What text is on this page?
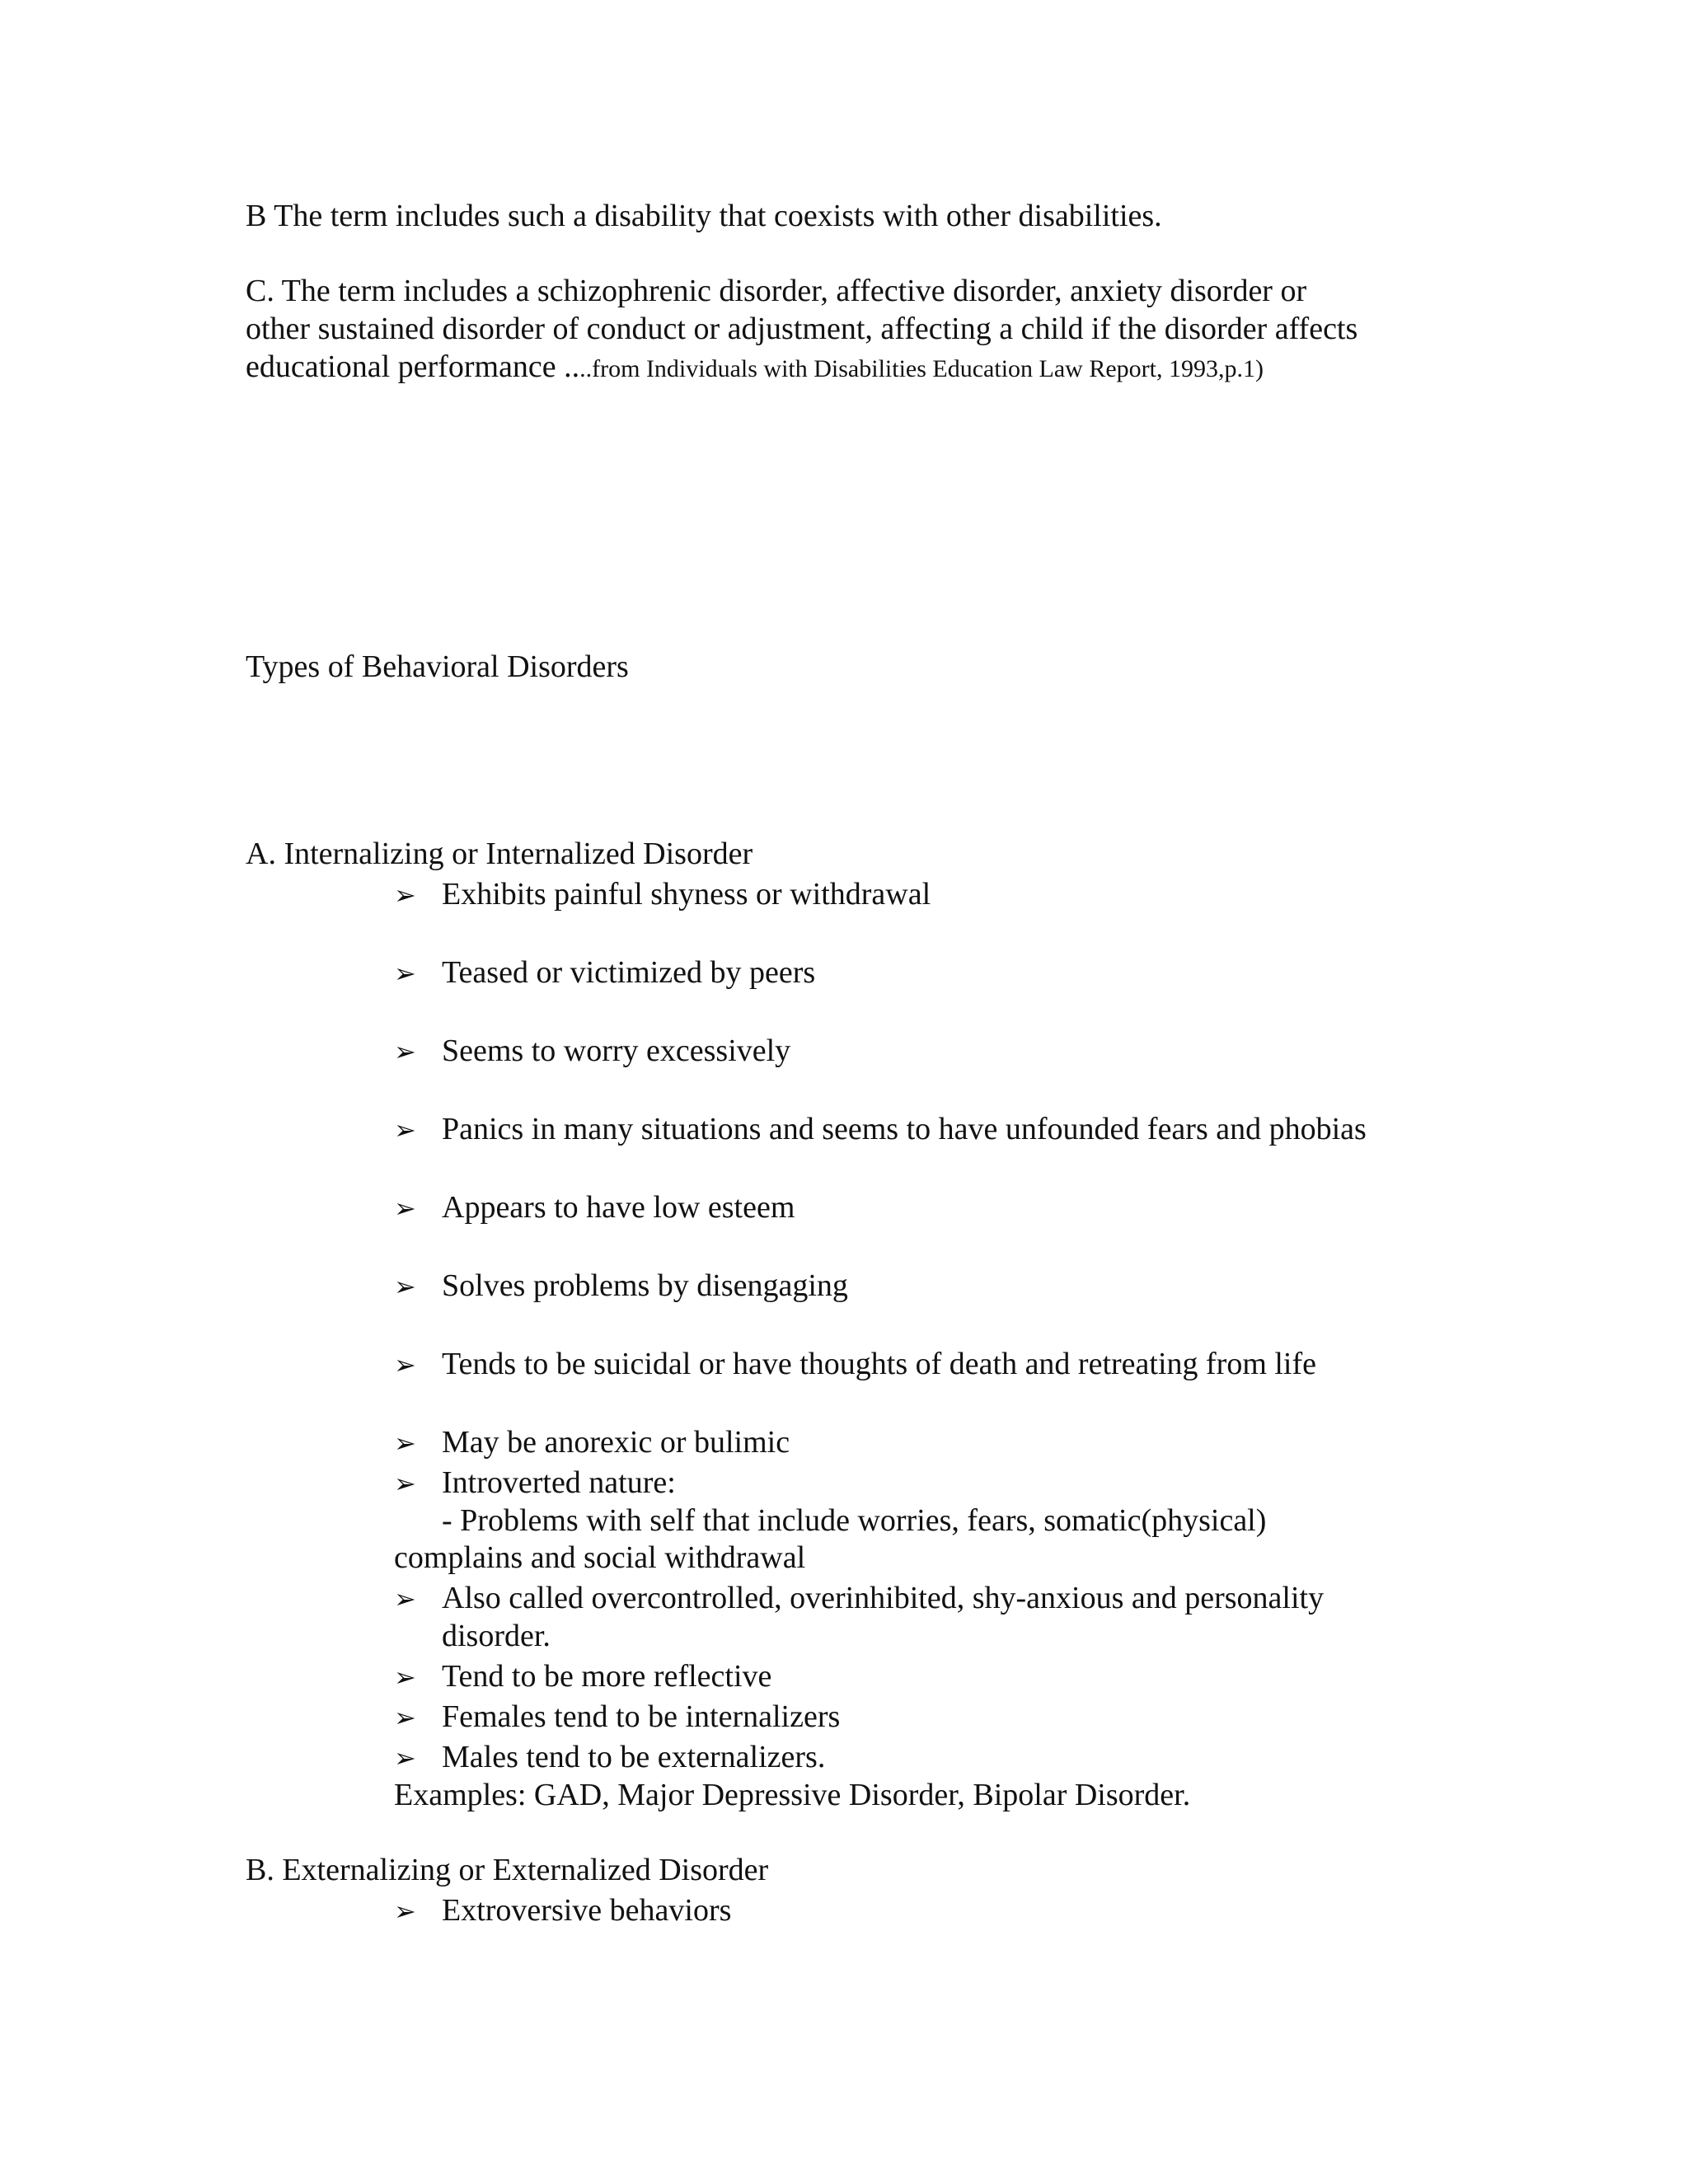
B The term includes such a disability that coexists with other disabilities.
C. The term includes a schizophrenic disorder, affective disorder, anxiety disorder or
other sustained disorder of conduct or adjustment, affecting a child if the disorder affects
educational performance ....from Individuals with Disabilities Education Law Report, 1993,p.1)
Types of Behavioral Disorders
A. Internalizing or Internalized Disorder
➢ Exhibits painful shyness or withdrawal
➢ Teased or victimized by peers
➢ Seems to worry excessively
➢ Panics in many situations and seems to have unfounded fears and phobias
➢ Appears to have low esteem
➢ Solves problems by disengaging
➢ Tends to be suicidal or have thoughts of death and retreating from life
➢ May be anorexic or bulimic
➢ Introverted nature:
- Problems with self that include worries, fears, somatic(physical)
complains and social withdrawal
➢ Also called overcontrolled, overinhibited, shy-anxious and personality
disorder.
➢ Tend to be more reflective
➢ Females tend to be internalizers
➢ Males tend to be externalizers.
Examples: GAD, Major Depressive Disorder, Bipolar Disorder.
B. Externalizing or Externalized Disorder
➢ Extroversive behaviors
